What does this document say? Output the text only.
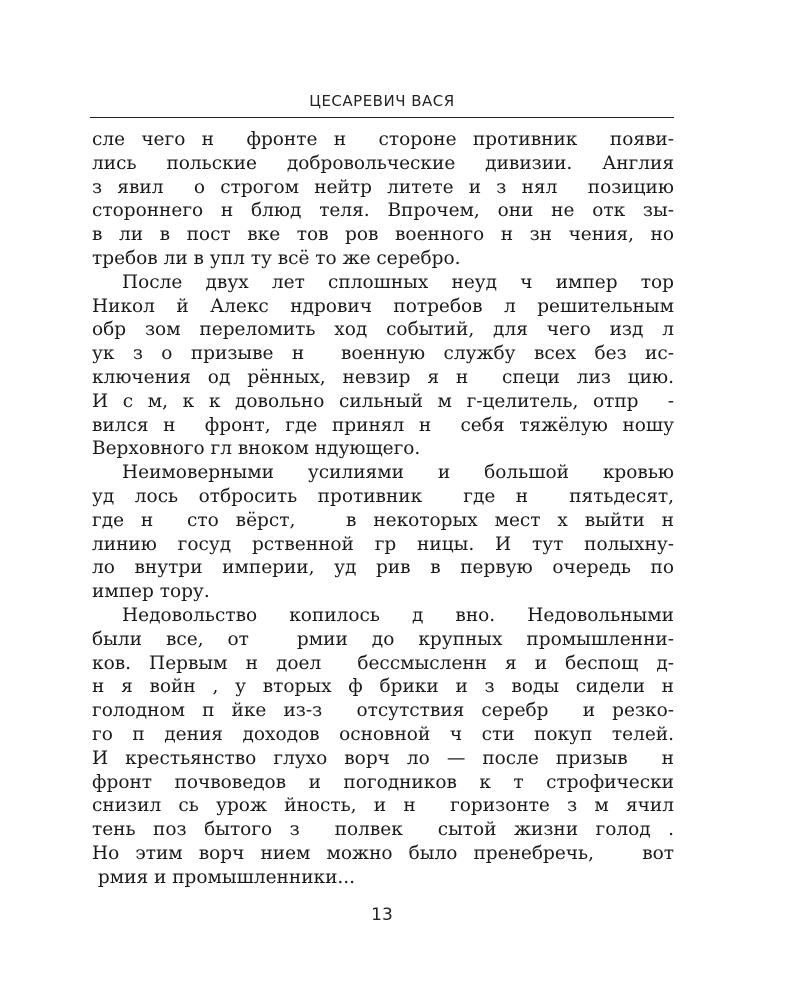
ЦЕСАРЕВИЧ ВАСЯ
сле чего н  фронте н  стороне противник  появи-
лись польские добровольческие дивизии. Англия
з явил  о строгом нейтр литете и з нял  позицию
стороннего н блюд теля. Впрочем, они не отк зы-
в ли в пост вке тов ров военного н зн чения, но
требов ли в упл ту всё то же серебро.
После двух лет сплошных неуд ч импер тор
Никол й Алекс ндрович потребов л решительным
обр зом переломить ход событий, для чего изд л
ук з о призыве н  военную службу всех без ис-
ключения од рённых, невзир я н  специ лиз цию.
И с м, к к довольно сильный м г-целитель, отпр  -
вился н  фронт, где принял н  себя тяжёлую ношу
Верховного гл вноком ндующего.
Неимоверными усилиями и большой кровью
уд лось отбросить противник  где н  пятьдесят,
где н  сто вёрст,   в некоторых мест х выйти н
линию госуд рственной гр ницы. И тут полыхну-
ло внутри империи, уд рив в первую очередь по
импер тору.
Недовольство копилось д вно. Недовольными
были все, от  рмии до крупных промышленни-
ков. Первым н доел  бессмысленн я и беспощ д-
н я войн , у вторых ф брики и з воды сидели н
голодном п йке из-з  отсутствия серебр  и резко-
го п дения доходов основной ч сти покуп телей.
И крестьянство глухо ворч ло — после призыв  н
фронт почвоведов и погодников к т строфически
снизил сь урож йность, и н  горизонте з м ячил
тень поз бытого з  полвек  сытой жизни голод .
Но этим ворч нием можно было пренебречь,   вот
рмия и промышленники...
13
